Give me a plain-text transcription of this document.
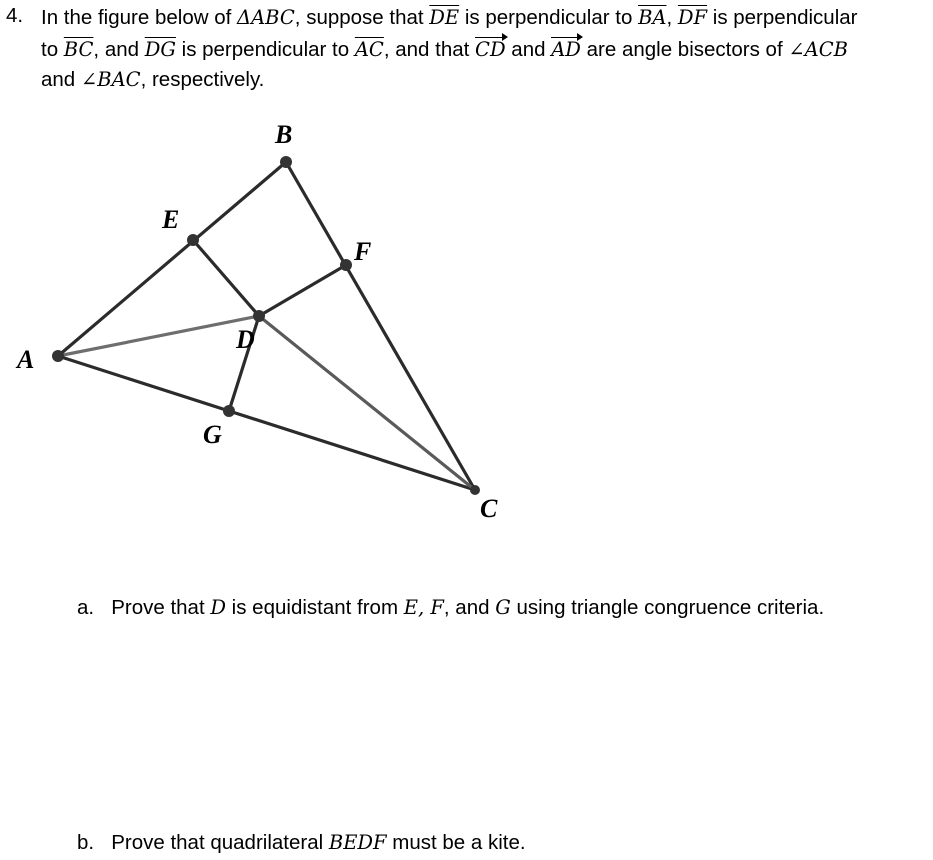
4. In the figure below of ΔABC, suppose that $\overline{DE}$ is perpendicular to $\overline{BA}$, $\overline{DF}$ is perpendicular
to $\overline{BC}$, and $\overline{DG}$ is perpendicular to $\overline{AC}$, and that CD and AD are angle bisectors of ∠ACB
and ∠BAC, respectively.
A
B
C
D
E
F
G
a. Prove that D is equidistant from E, F, and G using triangle congruence criteria.
b. Prove that quadrilateral BEDF must be a kite.
